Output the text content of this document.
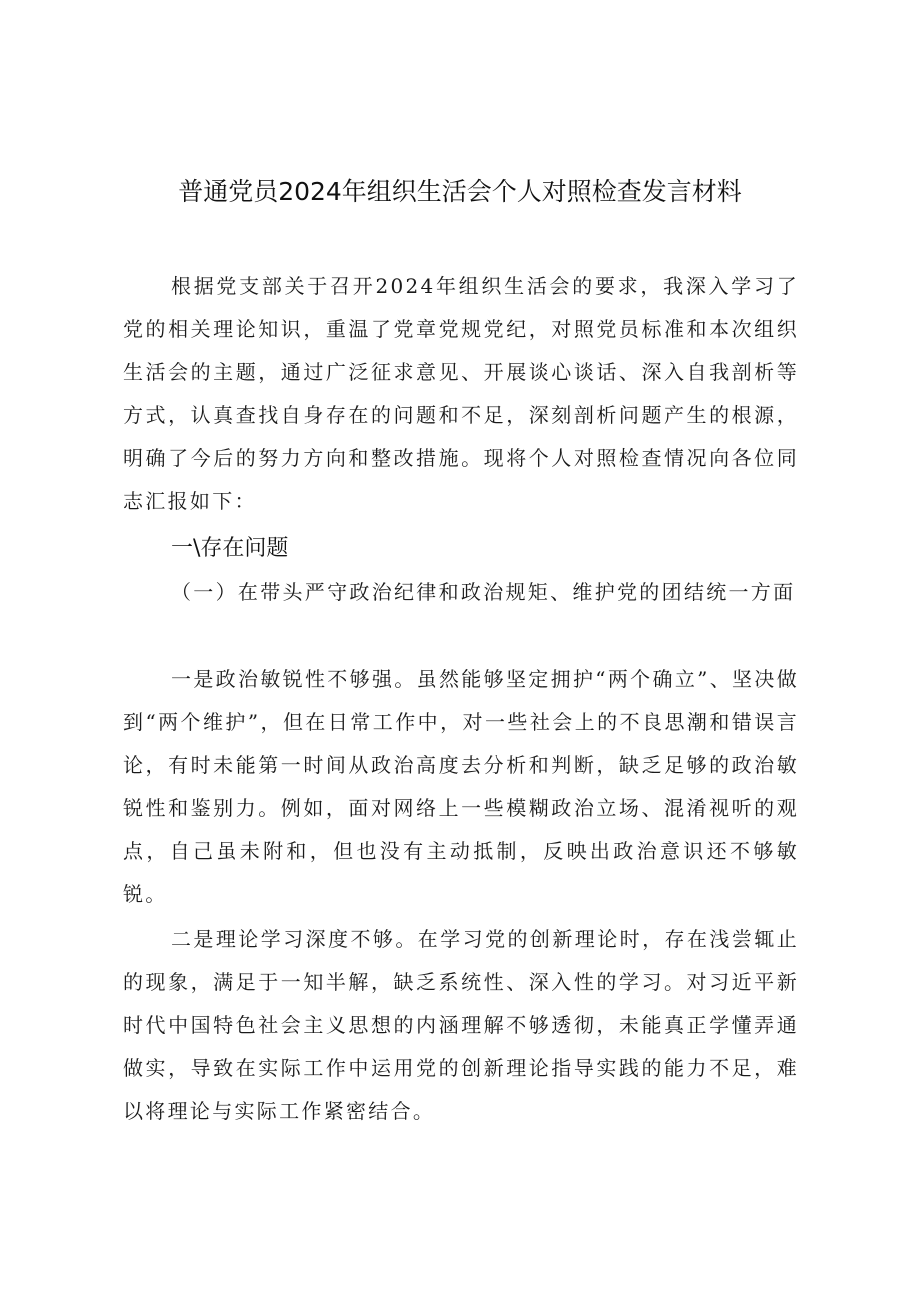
普通党员2024年组织生活会个人对照检查发言材料

根据党支部关于召开2024年组织生活会的要求，我深入学习了党的相关理论知识，重温了党章党规党纪，对照党员标准和本次组织生活会的主题，通过广泛征求意见、开展谈心谈话、深入自我剖析等方式，认真查找自身存在的问题和不足，深刻剖析问题产生的根源，明确了今后的努力方向和整改措施。现将个人对照检查情况向各位同志汇报如下：

一\存在问题

（一）在带头严守政治纪律和政治规矩、维护党的团结统一方面

一是政治敏锐性不够强。虽然能够坚定拥护“两个确立”、坚决做到“两个维护”，但在日常工作中，对一些社会上的不良思潮和错误言论，有时未能第一时间从政治高度去分析和判断，缺乏足够的政治敏锐性和鉴别力。例如，面对网络上一些模糊政治立场、混淆视听的观点，自己虽未附和，但也没有主动抵制，反映出政治意识还不够敏锐。

二是理论学习深度不够。在学习党的创新理论时，存在浅尝辄止的现象，满足于一知半解，缺乏系统性、深入性的学习。对习近平新时代中国特色社会主义思想的内涵理解不够透彻，未能真正学懂弄通做实，导致在实际工作中运用党的创新理论指导实践的能力不足，难以将理论与实际工作紧密结合。
